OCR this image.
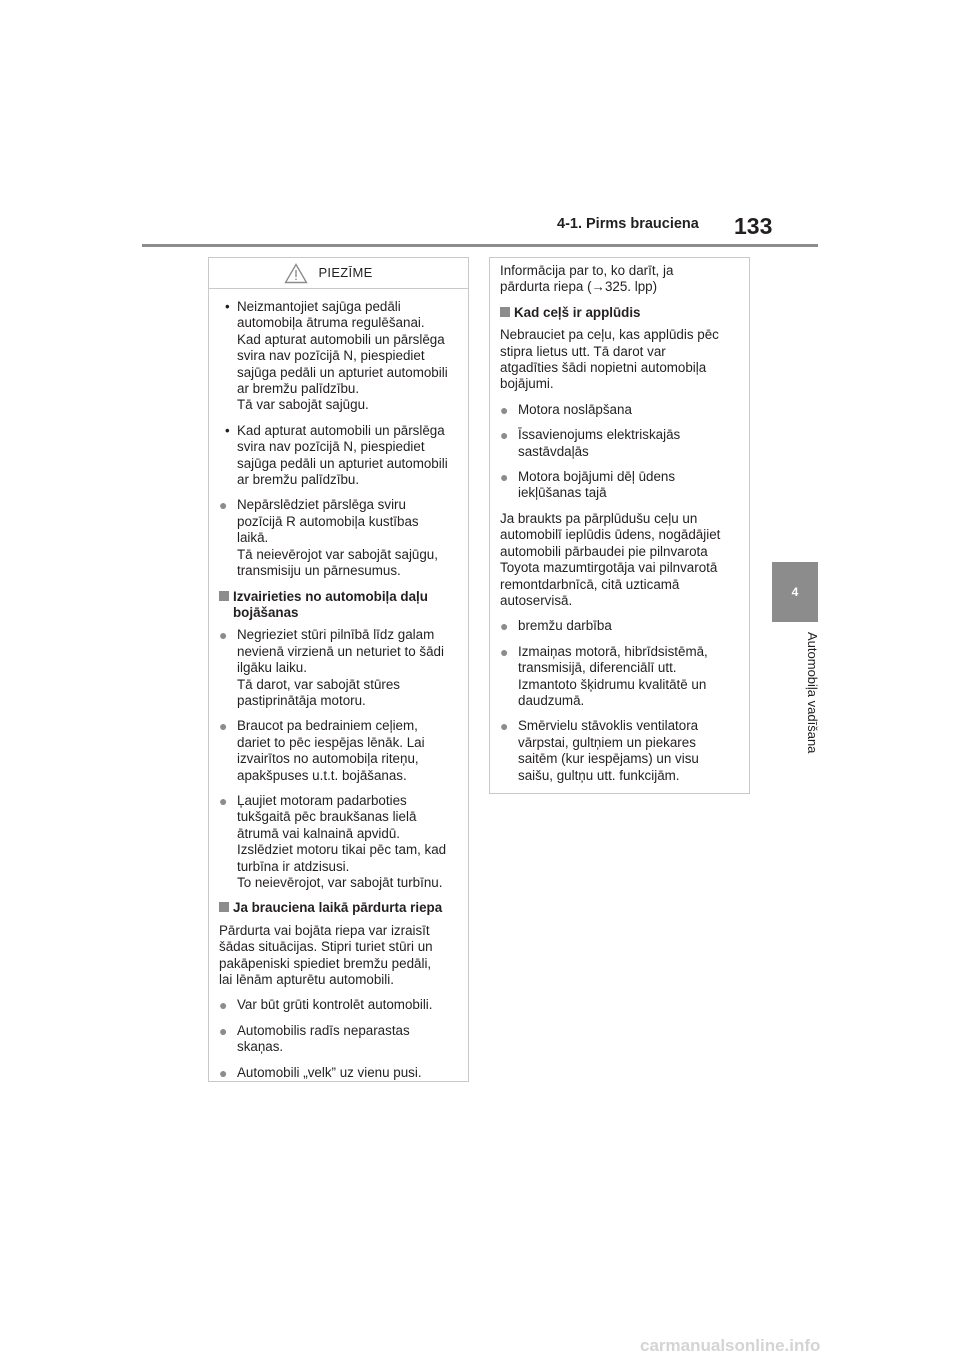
4-1. Pirms brauciena 133
4
Automobiļa vadīšana
PIEZĪME
• Neizmantojiet sajūga pedāli
automobiļa ātruma regulēšanai.
Kad apturat automobili un pārslēga
svira nav pozīcijā N, piespiediet
sajūga pedāli un apturiet automobili
ar bremžu palīdzību.
Tā var sabojāt sajūgu.
• Kad apturat automobili un pārslēga
svira nav pozīcijā N, piespiediet
sajūga pedāli un apturiet automobili
ar bremžu palīdzību.
● Nepārslēdziet pārslēga sviru
pozīcijā R automobiļa kustības
laikā.
Tā neievērojot var sabojāt sajūgu,
transmisiju un pārnesumus.
Izvairieties no automobiļa daļu
bojāšanas
● Negrieziet stūri pilnībā līdz galam
nevienā virzienā un neturiet to šādi
ilgāku laiku.
Tā darot, var sabojāt stūres
pastiprinātāja motoru.
● Braucot pa bedrainiem ceļiem,
dariet to pēc iespējas lēnāk. Lai
izvairītos no automobiļa riteņu,
apakšpuses u.t.t. bojāšanas.
● Ļaujiet motoram padarboties
tukšgaitā pēc braukšanas lielā
ātrumā vai kalnainā apvidū.
Izslēdziet motoru tikai pēc tam, kad
turbīna ir atdzisusi.
To neievērojot, var sabojāt turbīnu.
Ja brauciena laikā pārdurta riepa
Pārdurta vai bojāta riepa var izraisīt
šādas situācijas. Stipri turiet stūri un
pakāpeniski spiediet bremžu pedāli,
lai lēnām apturētu automobili.
● Var būt grūti kontrolēt automobili.
● Automobilis radīs neparastas
skaņas.
● Automobili „velk” uz vienu pusi.

Informācija par to, ko darīt, ja
pārdurta riepa (→325. lpp)

Kad ceļš ir applūdis
Nebrauciet pa ceļu, kas applūdis pēc
stipra lietus utt. Tā darot var
atgadīties šādi nopietni automobiļa
bojājumi.
● Motora noslāpšana
● Īssavienojums elektriskajās
sastāvdaļās
● Motora bojājumi dēļ ūdens
iekļūšanas tajā
Ja braukts pa pārplūdušu ceļu un
automobilī ieplūdis ūdens, nogādājiet
automobili pārbaudei pie pilnvarota
Toyota mazumtirgotāja vai pilnvarotā
remontdarbnīcā, citā uzticamā
autoservisā.
● bremžu darbība
● Izmaiņas motorā, hibrīdsistēmā,
transmisijā, diferenciālī utt.
Izmantoto šķidrumu kvalitātē un
daudzumā.
● Smērvielu stāvoklis ventilatora
vārpstai, gultņiem un piekares
saitēm (kur iespējams) un visu
saišu, gultņu utt. funkcijām.
carmanualsonline.info
